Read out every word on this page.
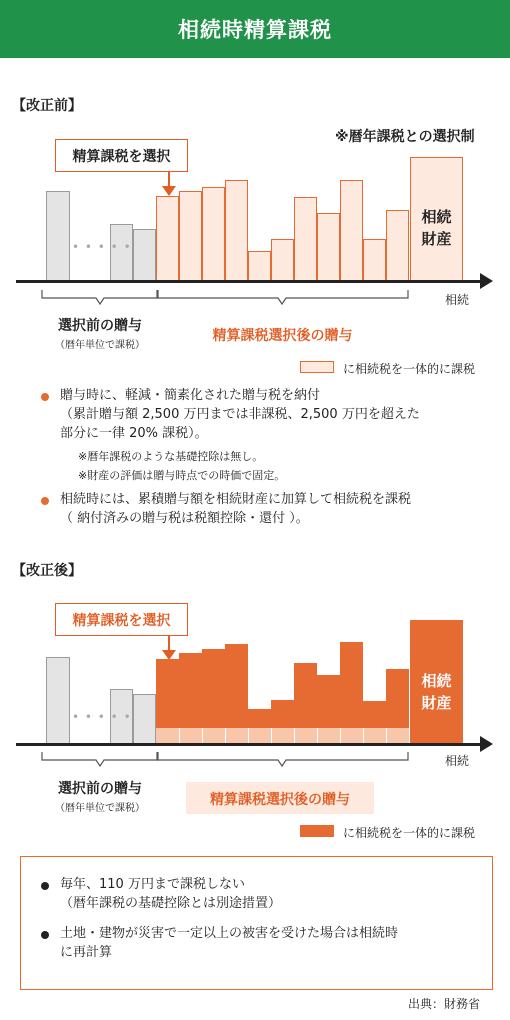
相続時精算課税
【改正前】
※暦年課税との選択制
精算課税を選択
• • • • •
相続
財産
相続
選択前の贈与
（暦年単位で課税）
精算課税選択後の贈与
に相続税を一体的に課税
贈与時に、軽減・簡素化された贈与税を納付
（累計贈与額 2,500 万円までは非課税、2,500 万円を超えた
部分に一律 20% 課税）。
※暦年課税のような基礎控除は無し。
※財産の評価は贈与時点での時価で固定。
相続時には、累積贈与額を相続財産に加算して相続税を課税
（ 納付済みの贈与税は税額控除・還付 ）。
【改正後】
精算課税を選択
• • • • •
相続
財産
相続
選択前の贈与
（暦年単位で課税）
精算課税選択後の贈与
に相続税を一体的に課税
毎年、110 万円まで課税しない
（暦年課税の基礎控除とは別途措置）
土地・建物が災害で一定以上の被害を受けた場合は相続時
に再計算
出典：財務省
